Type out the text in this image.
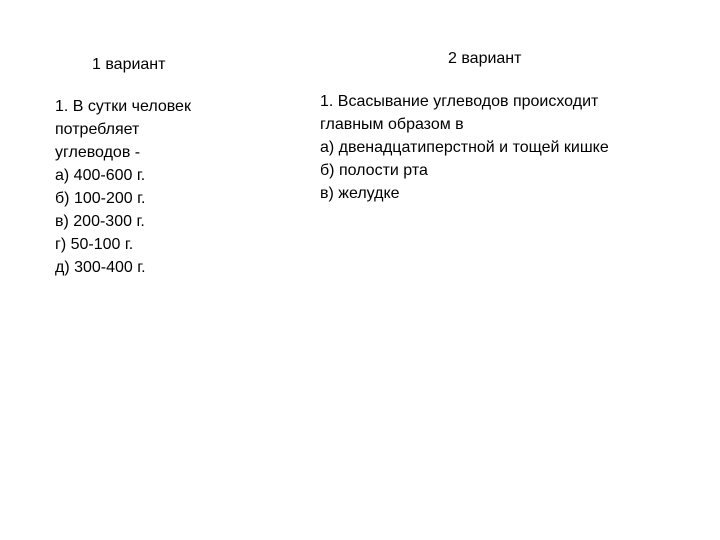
1 вариант
1. В сутки человек
потребляет
углеводов -
а) 400-600 г.
б) 100-200 г.
в) 200-300 г.
г) 50-100 г.
д) 300-400 г.
2 вариант
1. Всасывание углеводов происходит
главным образом в
а) двенадцатиперстной и тощей кишке
б) полости рта
в) желудке
